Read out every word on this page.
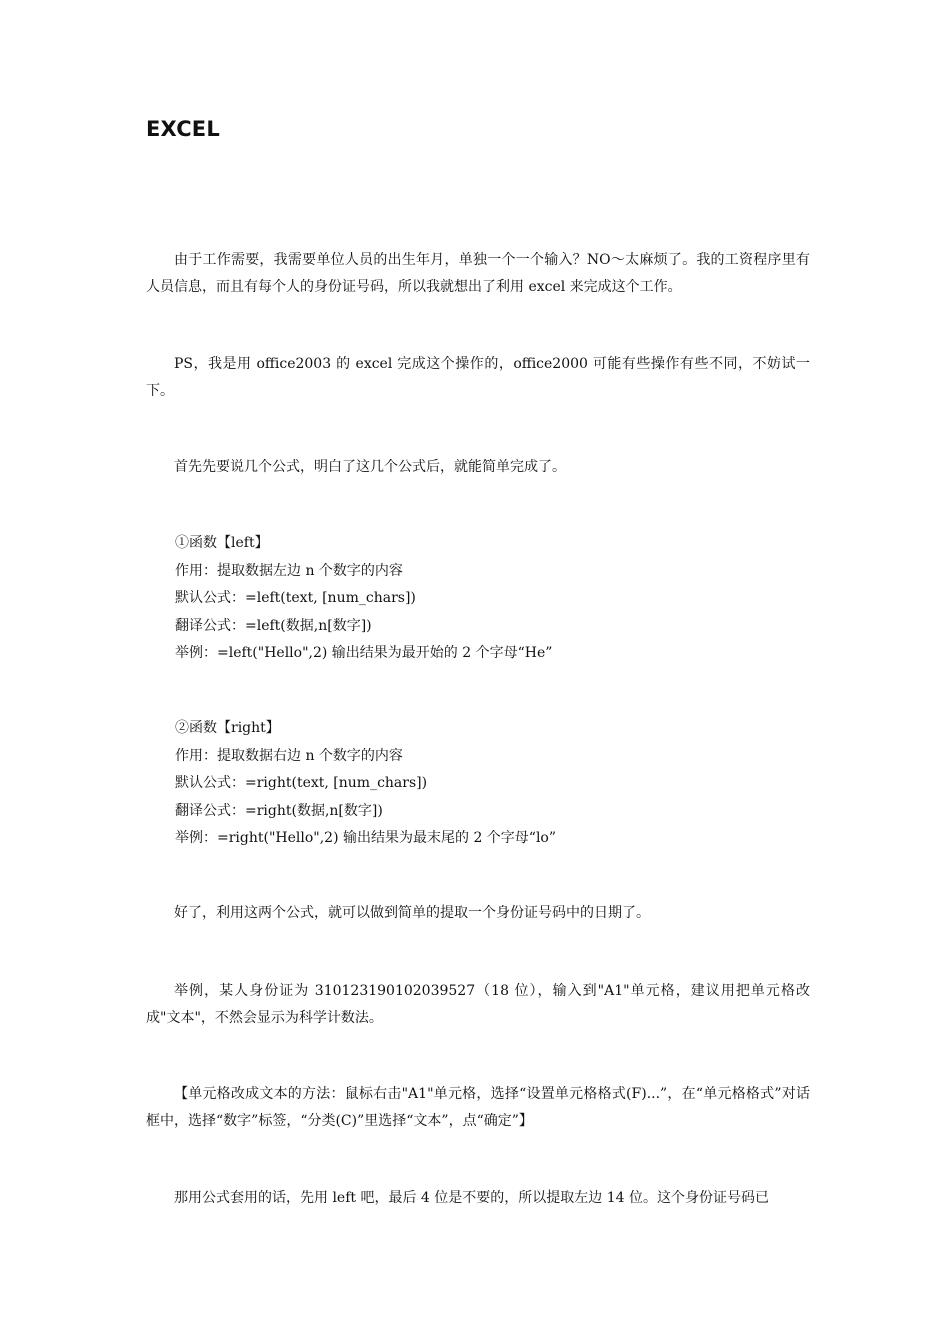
EXCEL

由于工作需要，我需要单位人员的出生年月，单独一个一个输入？NO～太麻烦了。我的工资程序里有人员信息，而且有每个人的身份证号码，所以我就想出了利用 excel 来完成这个工作。

PS，我是用 office2003 的 excel 完成这个操作的，office2000 可能有些操作有些不同，不妨试一下。

首先先要说几个公式，明白了这几个公式后，就能简单完成了。

①函数【left】
作用：提取数据左边 n 个数字的内容
默认公式：=left(text, [num_chars])
翻译公式：=left(数据,n[数字])
举例：=left("Hello",2) 输出结果为最开始的 2 个字母“He”
②函数【right】
作用：提取数据右边 n 个数字的内容
默认公式：=right(text, [num_chars])
翻译公式：=right(数据,n[数字])
举例：=right("Hello",2) 输出结果为最末尾的 2 个字母“lo”

好了，利用这两个公式，就可以做到简单的提取一个身份证号码中的日期了。

举例，某人身份证为 310123190102039527（18 位），输入到"A1"单元格，建议用把单元格改成"文本"，不然会显示为科学计数法。

【单元格改成文本的方法：鼠标右击"A1"单元格，选择“设置单元格格式(F)...”，在“单元格格式”对话框中，选择“数字”标签，“分类(C)”里选择“文本”，点“确定”】

那用公式套用的话，先用 left 吧，最后 4 位是不要的，所以提取左边 14 位。这个身份证号码已
